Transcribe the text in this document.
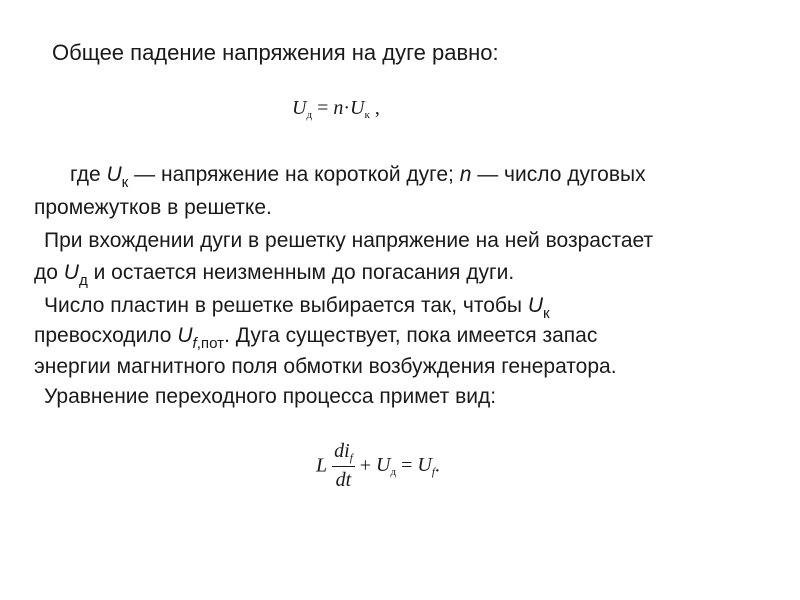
Общее падение напряжения на дуге равно:
Uд = n·Uк ,
где $U_к$ — напряжение на короткой дуге; n — число дуговых
промежутков в решетке.
При вхождении дуги в решетку напряжение на ней возрастает
до $U_д$ и остается неизменным до погасания дуги.
Число пластин в решетке выбирается так, чтобы $U_к$
превосходило $U_{f,пот}$. Дуга существует, пока имеется запас
энергии магнитного поля обмотки возбуждения генератора.
Уравнение переходного процесса примет вид:
L $\frac{\text{dif}}{dt}$ + Uд = Uf.
